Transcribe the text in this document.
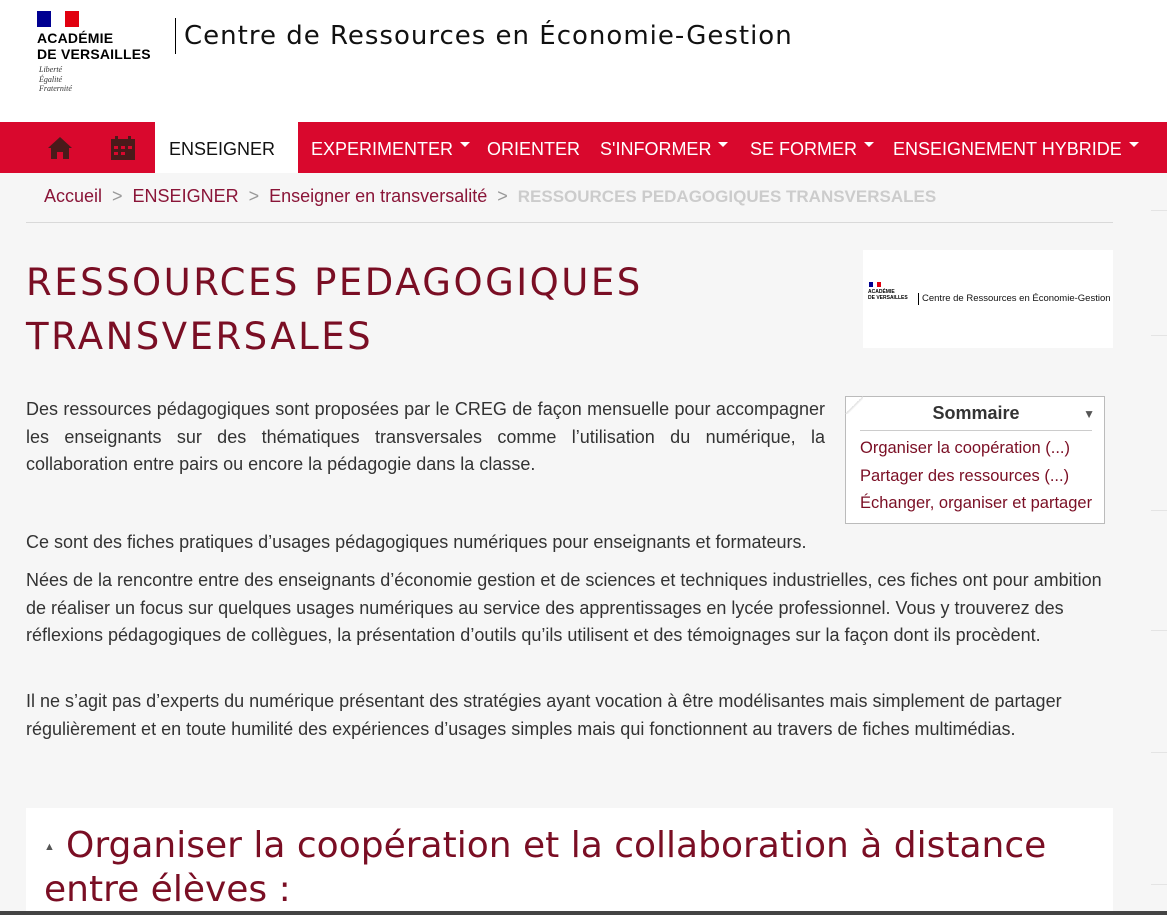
ACADÉMIE
DE VERSAILLES
Liberté
Égalité
Fraternité
Centre de Ressources en Économie-Gestion
ENSEIGNER	EXPERIMENTER	ORIENTER S'INFORMER	SE FORMER	ENSEIGNEMENT HYBRIDE
Accueil > ENSEIGNER > Enseigner en transversalité > RESSOURCES PEDAGOGIQUES TRANSVERSALES
RESSOURCES PEDAGOGIQUES TRANSVERSALES
ACADÉMIE
DE VERSAILLES	Centre de Ressources en Économie-Gestion
Des ressources pédagogiques sont proposées par le CREG de façon mensuelle pour accompagner les enseignants sur des thématiques transversales comme l’utilisation du numérique, la collaboration entre pairs ou encore la pédagogie dans la classe.
Sommaire	▼
Organiser la coopération (...)
Partager des ressources (...)
Échanger, organiser et partager

Ce sont des fiches pratiques d’usages pédagogiques numériques pour enseignants et formateurs.

Nées de la rencontre entre des enseignants d’économie gestion et de sciences et techniques industrielles, ces fiches ont pour ambition de réaliser un focus sur quelques usages numériques au service des apprentissages en lycée professionnel. Vous y trouverez des réflexions pédagogiques de collègues, la présentation d’outils qu’ils utilisent et des témoignages sur la façon dont ils procèdent.

Il ne s’agit pas d’experts du numérique présentant des stratégies ayant vocation à être modélisantes mais simplement de partager régulièrement et en toute humilité des expériences d’usages simples mais qui fonctionnent au travers de fiches multimédias.

▲ Organiser la coopération et la collaboration à distance entre élèves :
